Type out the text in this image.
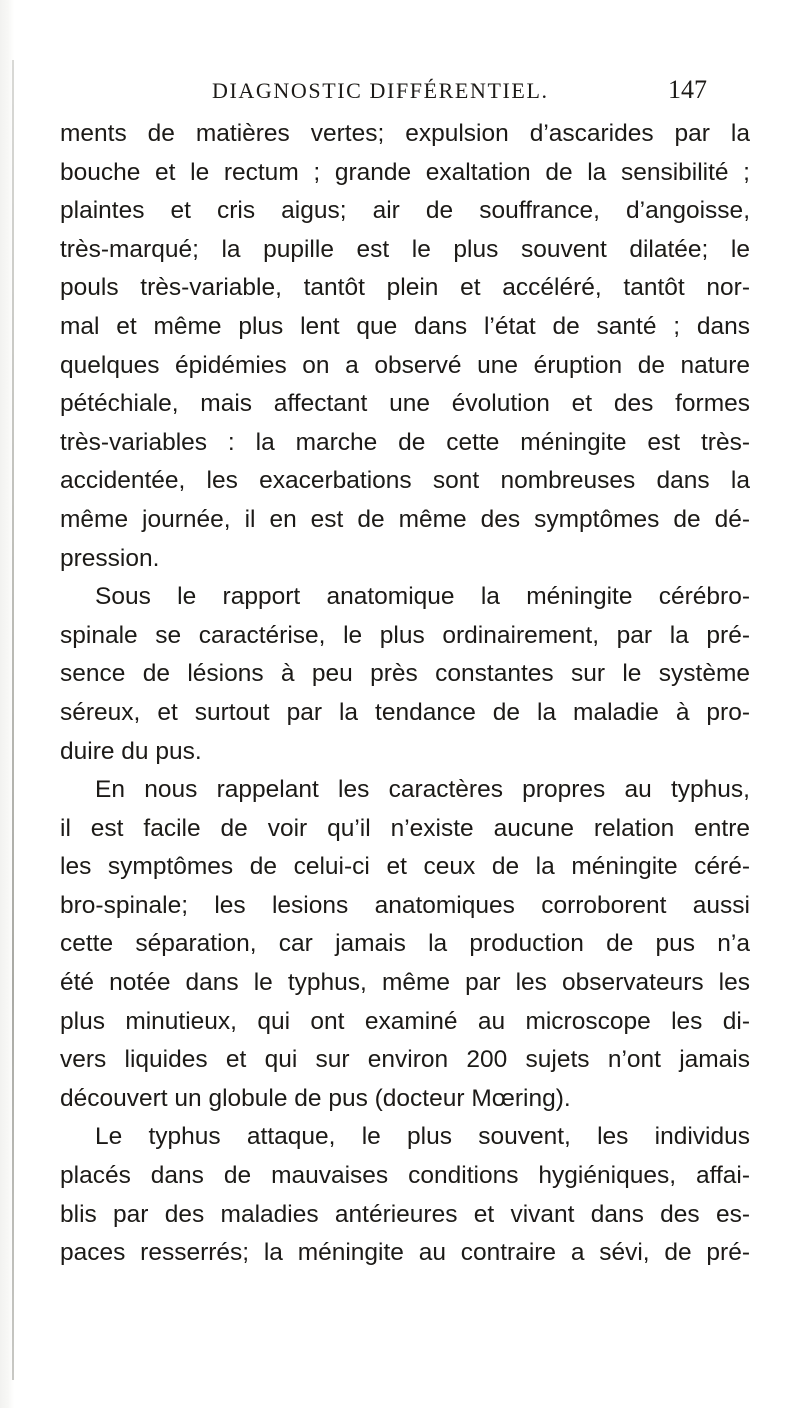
DIAGNOSTIC DIFFÉRENTIEL.	147
ments de matières vertes; expulsion d’ascarides par la
bouche et le rectum ; grande exaltation de la sensibilité ;
plaintes et cris aigus; air de souffrance, d’angoisse,
très-marqué; la pupille est le plus souvent dilatée; le
pouls très-variable, tantôt plein et accéléré, tantôt nor-
mal et même plus lent que dans l’état de santé ; dans
quelques épidémies on a observé une éruption de nature
pétéchiale, mais affectant une évolution et des formes
très-variables : la marche de cette méningite est très-
accidentée, les exacerbations sont nombreuses dans la
même journée, il en est de même des symptômes de dé-
pression.
Sous le rapport anatomique la méningite cérébro-
spinale se caractérise, le plus ordinairement, par la pré-
sence de lésions à peu près constantes sur le système
séreux, et surtout par la tendance de la maladie à pro-
duire du pus.
En nous rappelant les caractères propres au typhus,
il est facile de voir qu’il n’existe aucune relation entre
les symptômes de celui-ci et ceux de la méningite céré-
bro-spinale; les lesions anatomiques corroborent aussi
cette séparation, car jamais la production de pus n’a
été notée dans le typhus, même par les observateurs les
plus minutieux, qui ont examiné au microscope les di-
vers liquides et qui sur environ 200 sujets n’ont jamais
découvert un globule de pus (docteur Mœring).
Le typhus attaque, le plus souvent, les individus
placés dans de mauvaises conditions hygiéniques, affai-
blis par des maladies antérieures et vivant dans des es-
paces resserrés; la méningite au contraire a sévi, de pré-
